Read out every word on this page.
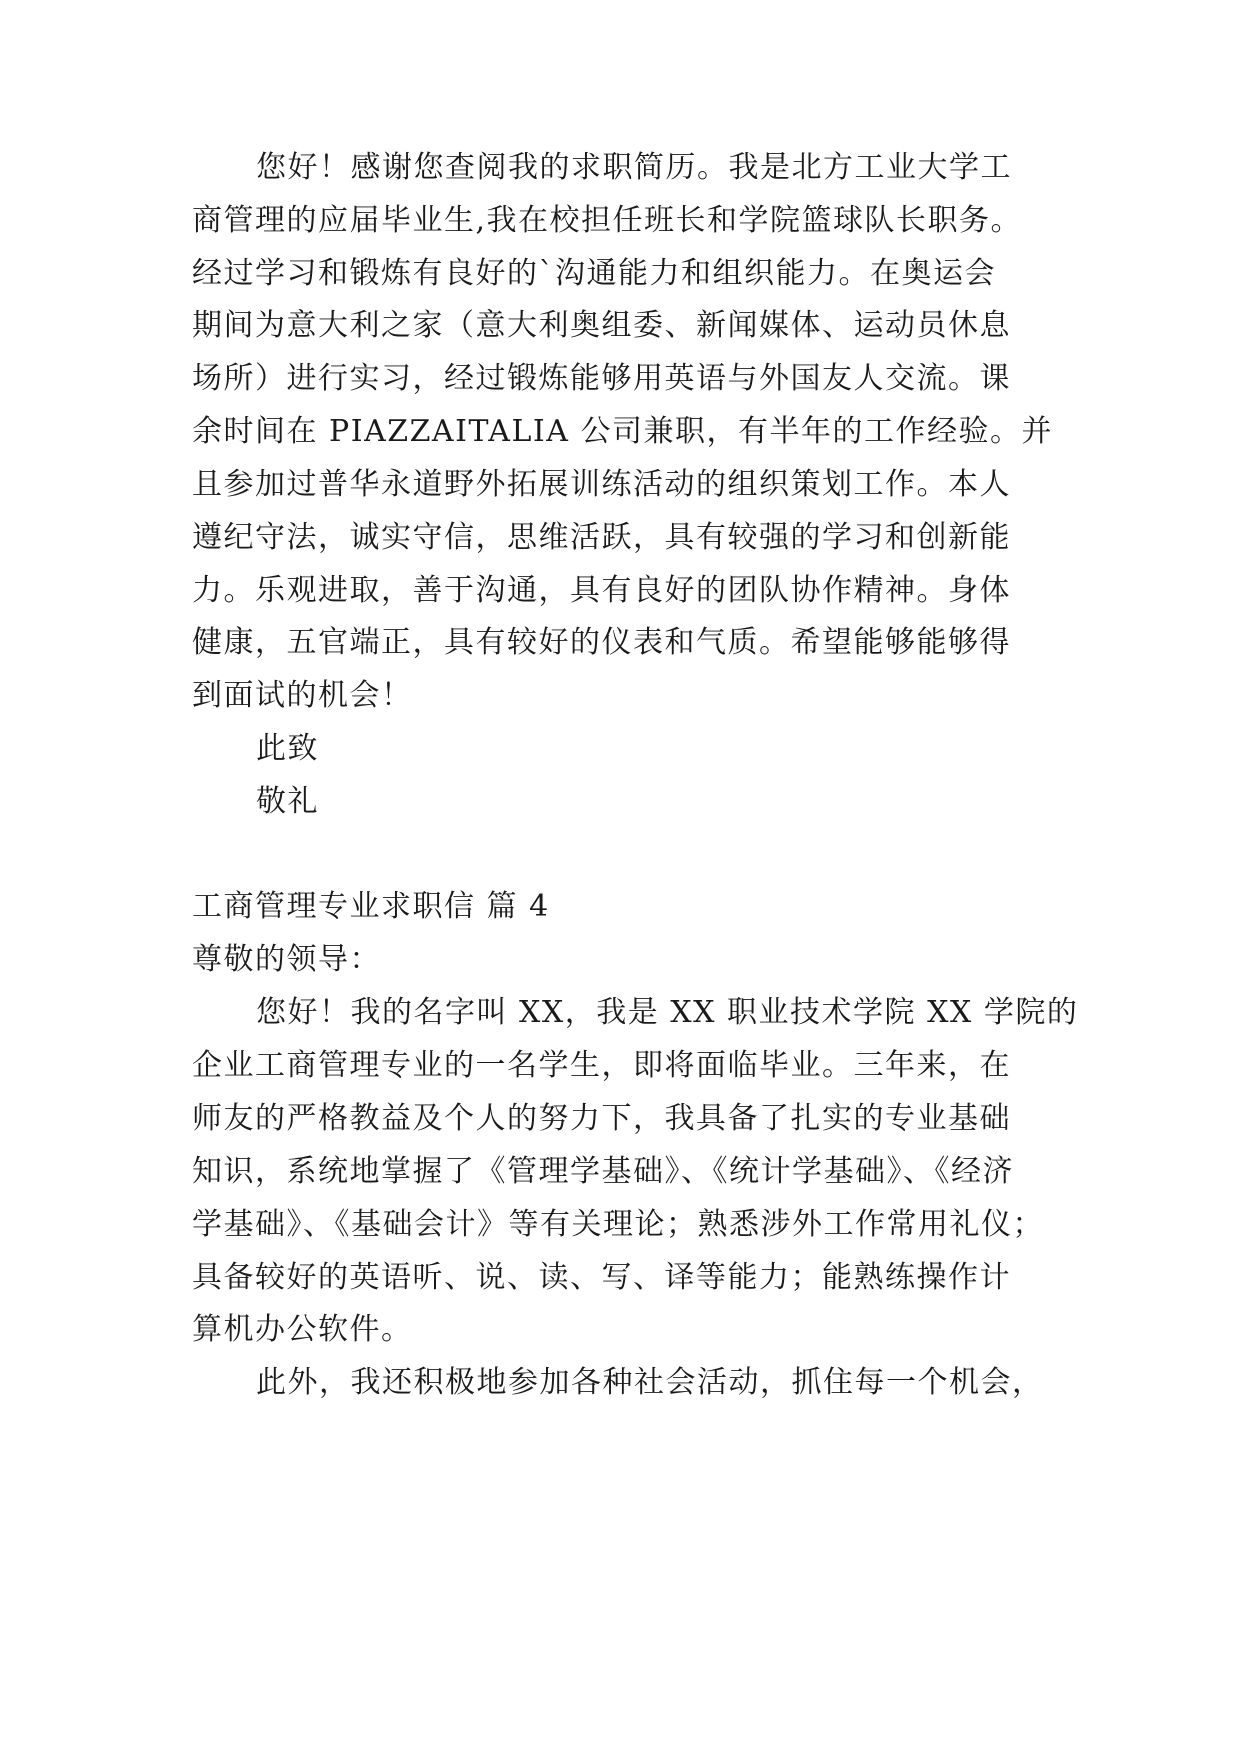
您好！感谢您查阅我的求职简历。我是北方工业大学工
商管理的应届毕业生,我在校担任班长和学院篮球队长职务。
经过学习和锻炼有良好的`沟通能力和组织能力。在奥运会
期间为意大利之家（意大利奥组委、新闻媒体、运动员休息
场所）进行实习，经过锻炼能够用英语与外国友人交流。课
余时间在 PIAZZAITALIA 公司兼职，有半年的工作经验。并
且参加过普华永道野外拓展训练活动的组织策划工作。本人
遵纪守法，诚实守信，思维活跃，具有较强的学习和创新能
力。乐观进取，善于沟通，具有良好的团队协作精神。身体
健康，五官端正，具有较好的仪表和气质。希望能够能够得
到面试的机会！
此致
敬礼
工商管理专业求职信 篇 4
尊敬的领导：
您好！我的名字叫 XX，我是 XX 职业技术学院 XX 学院的
企业工商管理专业的一名学生，即将面临毕业。三年来，在
师友的严格教益及个人的努力下，我具备了扎实的专业基础
知识，系统地掌握了《管理学基础》、《统计学基础》、《经济
学基础》、《基础会计》等有关理论；熟悉涉外工作常用礼仪；
具备较好的英语听、说、读、写、译等能力；能熟练操作计
算机办公软件。
此外，我还积极地参加各种社会活动，抓住每一个机会，
